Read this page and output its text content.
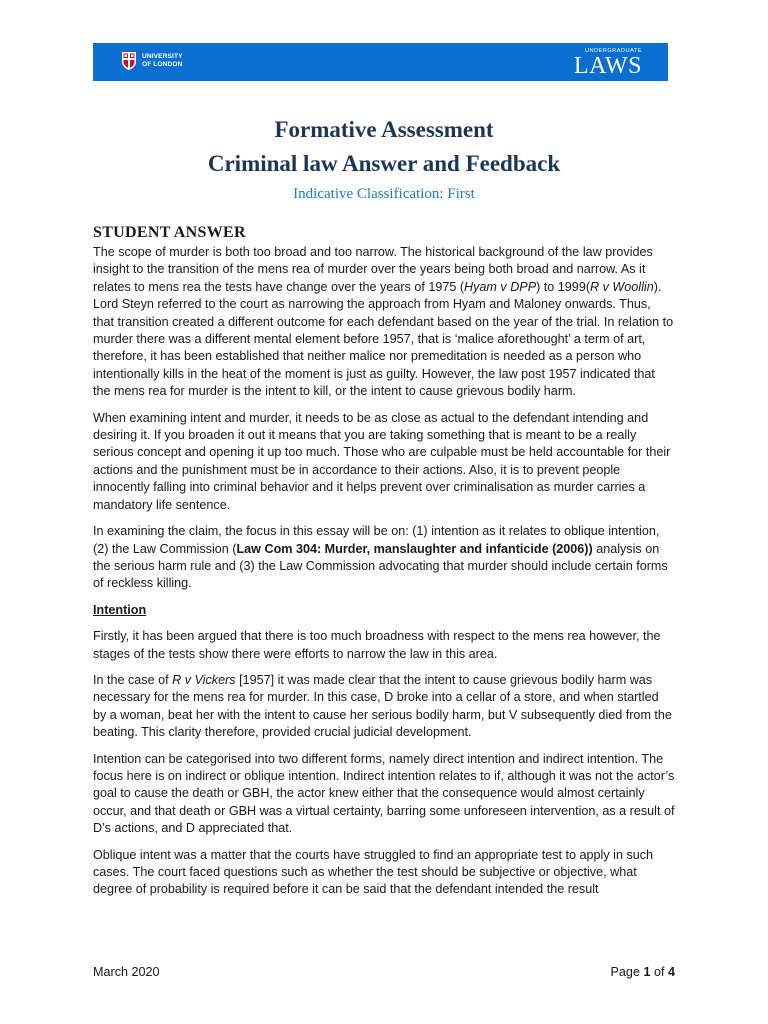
UNIVERSITY
OF LONDON
UNDERGRADUATE
LAWS
Formative Assessment
Criminal law Answer and Feedback
Indicative Classification: First
STUDENT ANSWER

The scope of murder is both too broad and too narrow. The historical background of the law provides insight to the transition of the mens rea of murder over the years being both broad and narrow. As it relates to mens rea the tests have change over the years of 1975 (Hyam v DPP) to 1999(R v Woollin). Lord Steyn referred to the court as narrowing the approach from Hyam and Maloney onwards. Thus, that transition created a different outcome for each defendant based on the year of the trial. In relation to murder there was a different mental element before 1957, that is ‘malice aforethought’ a term of art, therefore, it has been established that neither malice nor premeditation is needed as a person who intentionally kills in the heat of the moment is just as guilty. However, the law post 1957 indicated that the mens rea for murder is the intent to kill, or the intent to cause grievous bodily harm.

When examining intent and murder, it needs to be as close as actual to the defendant intending and desiring it. If you broaden it out it means that you are taking something that is meant to be a really serious concept and opening it up too much. Those who are culpable must be held accountable for their actions and the punishment must be in accordance to their actions. Also, it is to prevent people innocently falling into criminal behavior and it helps prevent over criminalisation as murder carries a mandatory life sentence.

In examining the claim, the focus in this essay will be on: (1) intention as it relates to oblique intention, (2) the Law Commission (Law Com 304: Murder, manslaughter and infanticide (2006)) analysis on the serious harm rule and (3) the Law Commission advocating that murder should include certain forms of reckless killing.

Intention

Firstly, it has been argued that there is too much broadness with respect to the mens rea however, the stages of the tests show there were efforts to narrow the law in this area.

In the case of R v Vickers [1957] it was made clear that the intent to cause grievous bodily harm was necessary for the mens rea for murder. In this case, D broke into a cellar of a store, and when startled by a woman, beat her with the intent to cause her serious bodily harm, but V subsequently died from the beating. This clarity therefore, provided crucial judicial development.

Intention can be categorised into two different forms, namely direct intention and indirect intention. The focus here is on indirect or oblique intention. Indirect intention relates to if, although it was not the actor’s goal to cause the death or GBH, the actor knew either that the consequence would almost certainly occur, and that death or GBH was a virtual certainty, barring some unforeseen intervention, as a result of D’s actions, and D appreciated that.

Oblique intent was a matter that the courts have struggled to find an appropriate test to apply in such cases. The court faced questions such as whether the test should be subjective or objective, what degree of probability is required before it can be said that the defendant intended the result

March 2020	Page 1 of 4
